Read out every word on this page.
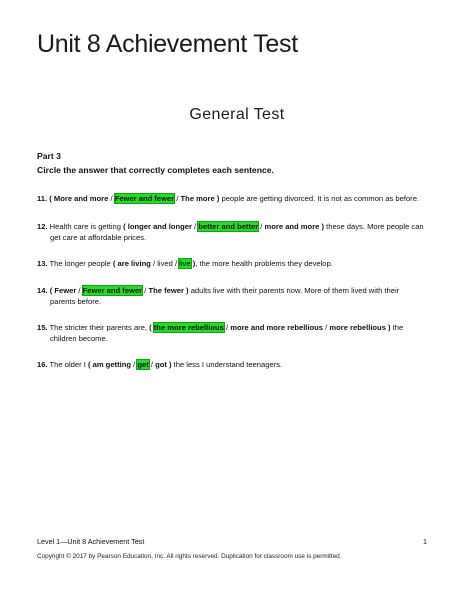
Unit 8 Achievement Test
General Test
Part 3
Circle the answer that correctly completes each sentence.
11. ( More and more / Fewer and fewer / The more ) people are getting divorced. It is not as common as before.
12. Health care is getting ( longer and longer / better and better / more and more ) these days. More people can
get care at affordable prices.
13. The longer people ( are living / lived / live ), the more health problems they develop.
14. ( Fewer / Fewer and fewer / The fewer ) adults live with their parents now. More of them lived with their
parents before.
15. The stricter their parents are, ( the more rebellious / more and more rebellious / more rebellious ) the
children become.
16. The older I ( am getting / get / got ) the less I understand teenagers.
Level 1—Unit 8 Achievement Test	1
Copyright © 2017 by Pearson Education, Inc. All rights reserved. Duplication for classroom use is permitted.
